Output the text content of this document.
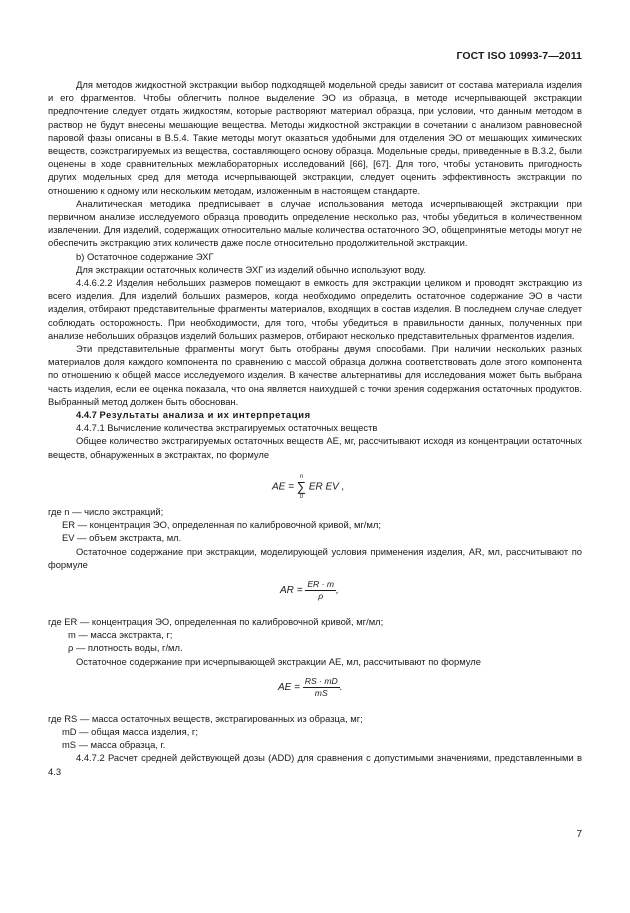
ГОСТ ISO 10993-7—2011

Для методов жидкостной экстракции выбор подходящей модельной среды зависит от состава материала изделия и его фрагментов. Чтобы облегчить полное выделение ЭО из образца, в методе исчерпывающей экстракции предпочтение следует отдать жидкостям, которые растворяют материал образца, при условии, что данным методом в раствор не будут внесены мешающие вещества. Методы жидкостной экстракции в сочетании с анализом равновесной паровой фазы описаны в В.5.4. Такие методы могут оказаться удобными для отделения ЭО от мешающих химических веществ, соэкстрагируемых из вещества, составляющего основу образца. Модельные среды, приведенные в В.3.2, были оценены в ходе сравнительных межлабораторных исследований [66], [67]. Для того, чтобы установить пригодность других модельных сред для метода исчерпывающей экстракции, следует оценить эффективность экстракции по отношению к одному или нескольким методам, изложенным в настоящем стандарте.

Аналитическая методика предписывает в случае использования метода исчерпывающей экстракции при первичном анализе исследуемого образца проводить определение несколько раз, чтобы убедиться в количественном извлечении. Для изделий, содержащих относительно малые количества остаточного ЭО, общепринятые методы могут не обеспечить экстракцию этих количеств даже после относительно продолжительной экстракции.

b) Остаточное содержание ЭХГ

Для экстракции остаточных количеств ЭХГ из изделий обычно используют воду.

4.4.6.2.2 Изделия небольших размеров помещают в емкость для экстракции целиком и проводят экстракцию из всего изделия. Для изделий больших размеров, когда необходимо определить остаточное содержание ЭО в части изделия, отбирают представительные фрагменты материалов, входящих в состав изделия. В последнем случае следует соблюдать осторожность. При необходимости, для того, чтобы убедиться в правильности данных, полученных при анализе небольших образцов изделий больших размеров, отбирают несколько представительных фрагментов изделия.

Эти представительные фрагменты могут быть отобраны двумя способами. При наличии нескольких разных материалов доля каждого компонента по сравнению с массой образца должна соответствовать доле этого компонента по отношению к общей массе исследуемого изделия. В качестве альтернативы для исследования может быть выбрана часть изделия, если ее оценка показала, что она является наихудшей с точки зрения содержания остаточных продуктов. Выбранный метод должен быть обоснован.

4.4.7 Результаты анализа и их интерпретация

4.4.7.1 Вычисление количества экстрагируемых остаточных веществ

Общее количество экстрагируемых остаточных веществ AE, мг, рассчитывают исходя из концентрации остаточных веществ, обнаруженных в экстрактах, по формуле

AE =
n
∑
0
ER EV ,
где n — число экстракций;
ER — концентрация ЭО, определенная по калибровочной кривой, мг/мл;
EV — объем экстракта, мл.

Остаточное содержание при экстракции, моделирующей условия применения изделия, AR, мл, рассчитывают по формуле

AR = $\frac{ER \cdot m}{\rho}$ ,
где ER — концентрация ЭО, определенная по калибровочной кривой, мг/мл;
m — масса экстракта, г;
ρ — плотность воды, г/мл.

Остаточное содержание при исчерпывающей экстракции AE, мл, рассчитывают по формуле

AE = $\frac{RS \cdot mD}{mS}$ .
где RS — масса остаточных веществ, экстрагированных из образца, мг;
mD — общая масса изделия, г;
mS — масса образца, г.

4.4.7.2 Расчет средней действующей дозы (ADD) для сравнения с допустимыми значениями, представленными в 4.3

7
